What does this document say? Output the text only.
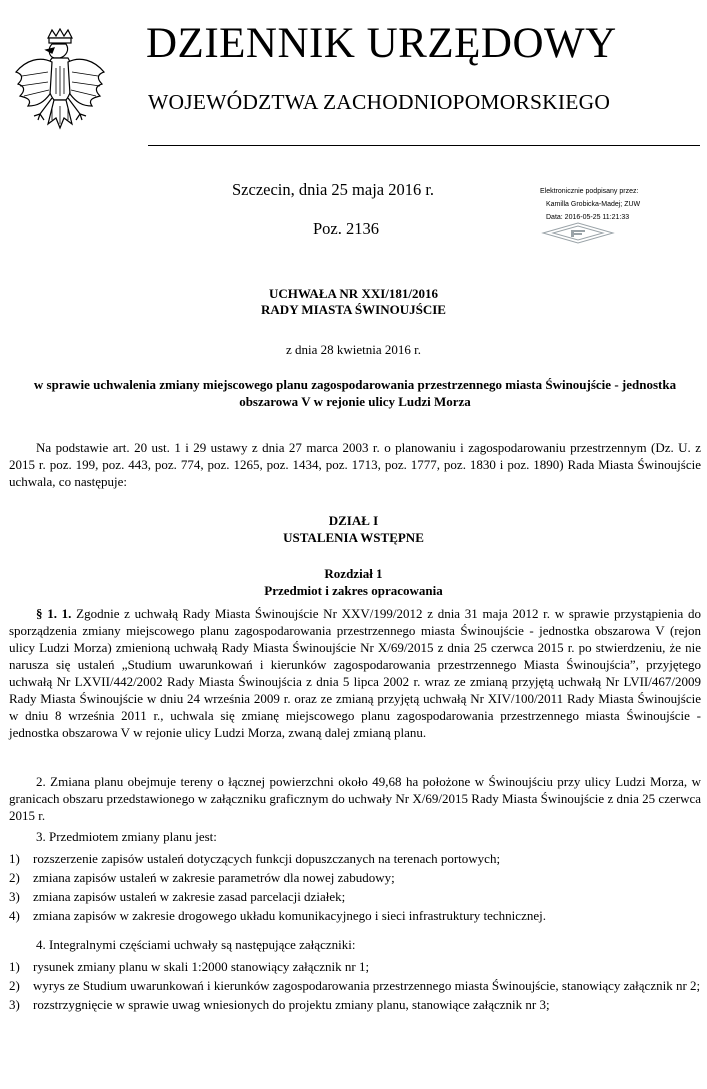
DZIENNIK URZĘDOWY
WOJEWÓDZTWA ZACHODNIOPOMORSKIEGO
Szczecin, dnia 25 maja 2016 r.
Poz. 2136
Elektronicznie podpisany przez:
Kamilla Grobicka-Madej; ZUW
Data: 2016-05-25 11:21:33
UCHWAŁA NR XXI/181/2016
RADY MIASTA ŚWINOUJŚCIE
z dnia 28 kwietnia 2016 r.
w sprawie uchwalenia zmiany miejscowego planu zagospodarowania przestrzennego miasta Świnoujście - jednostka obszarowa V w rejonie ulicy Ludzi Morza
Na podstawie art. 20 ust. 1 i 29 ustawy z dnia 27 marca 2003 r. o planowaniu i zagospodarowaniu przestrzennym (Dz. U. z 2015 r. poz. 199, poz. 443, poz. 774, poz. 1265, poz. 1434, poz. 1713, poz. 1777, poz. 1830 i poz. 1890) Rada Miasta Świnoujście uchwala, co następuje:
DZIAŁ I
USTALENIA WSTĘPNE
Rozdział 1
Przedmiot i zakres opracowania
§ 1. 1. Zgodnie z uchwałą Rady Miasta Świnoujście Nr XXV/199/2012 z dnia 31 maja 2012 r. w sprawie przystąpienia do sporządzenia zmiany miejscowego planu zagospodarowania przestrzennego miasta Świnoujście - jednostka obszarowa V (rejon ulicy Ludzi Morza) zmienioną uchwałą Rady Miasta Świnoujście Nr X/69/2015 z dnia 25 czerwca 2015 r. po stwierdzeniu, że nie narusza się ustaleń „Studium uwarunkowań i kierunków zagospodarowania przestrzennego Miasta Świnoujścia”, przyjętego uchwałą Nr LXVII/442/2002 Rady Miasta Świnoujścia z dnia 5 lipca 2002 r. wraz ze zmianą przyjętą uchwałą Nr LVII/467/2009 Rady Miasta Świnoujście w dniu 24 września 2009 r. oraz ze zmianą przyjętą uchwałą Nr XIV/100/2011 Rady Miasta Świnoujście w dniu 8 września 2011 r., uchwala się zmianę miejscowego planu zagospodarowania przestrzennego miasta Świnoujście - jednostka obszarowa V w rejonie ulicy Ludzi Morza, zwaną dalej zmianą planu.
2. Zmiana planu obejmuje tereny o łącznej powierzchni około 49,68 ha położone w Świnoujściu przy ulicy Ludzi Morza, w granicach obszaru przedstawionego w załączniku graficznym do uchwały Nr X/69/2015 Rady Miasta Świnoujście z dnia 25 czerwca 2015 r.
3. Przedmiotem zmiany planu jest:
1) rozszerzenie zapisów ustaleń dotyczących funkcji dopuszczanych na terenach portowych;
2) zmiana zapisów ustaleń w zakresie parametrów dla nowej zabudowy;
3) zmiana zapisów ustaleń w zakresie zasad parcelacji działek;
4) zmiana zapisów w zakresie drogowego układu komunikacyjnego i sieci infrastruktury technicznej.
4. Integralnymi częściami uchwały są następujące załączniki:
1) rysunek zmiany planu w skali 1:2000 stanowiący załącznik nr 1;
2) wyrys ze Studium uwarunkowań i kierunków zagospodarowania przestrzennego miasta Świnoujście, stanowiący załącznik nr 2;
3) rozstrzygnięcie w sprawie uwag wniesionych do projektu zmiany planu, stanowiące załącznik nr 3;
